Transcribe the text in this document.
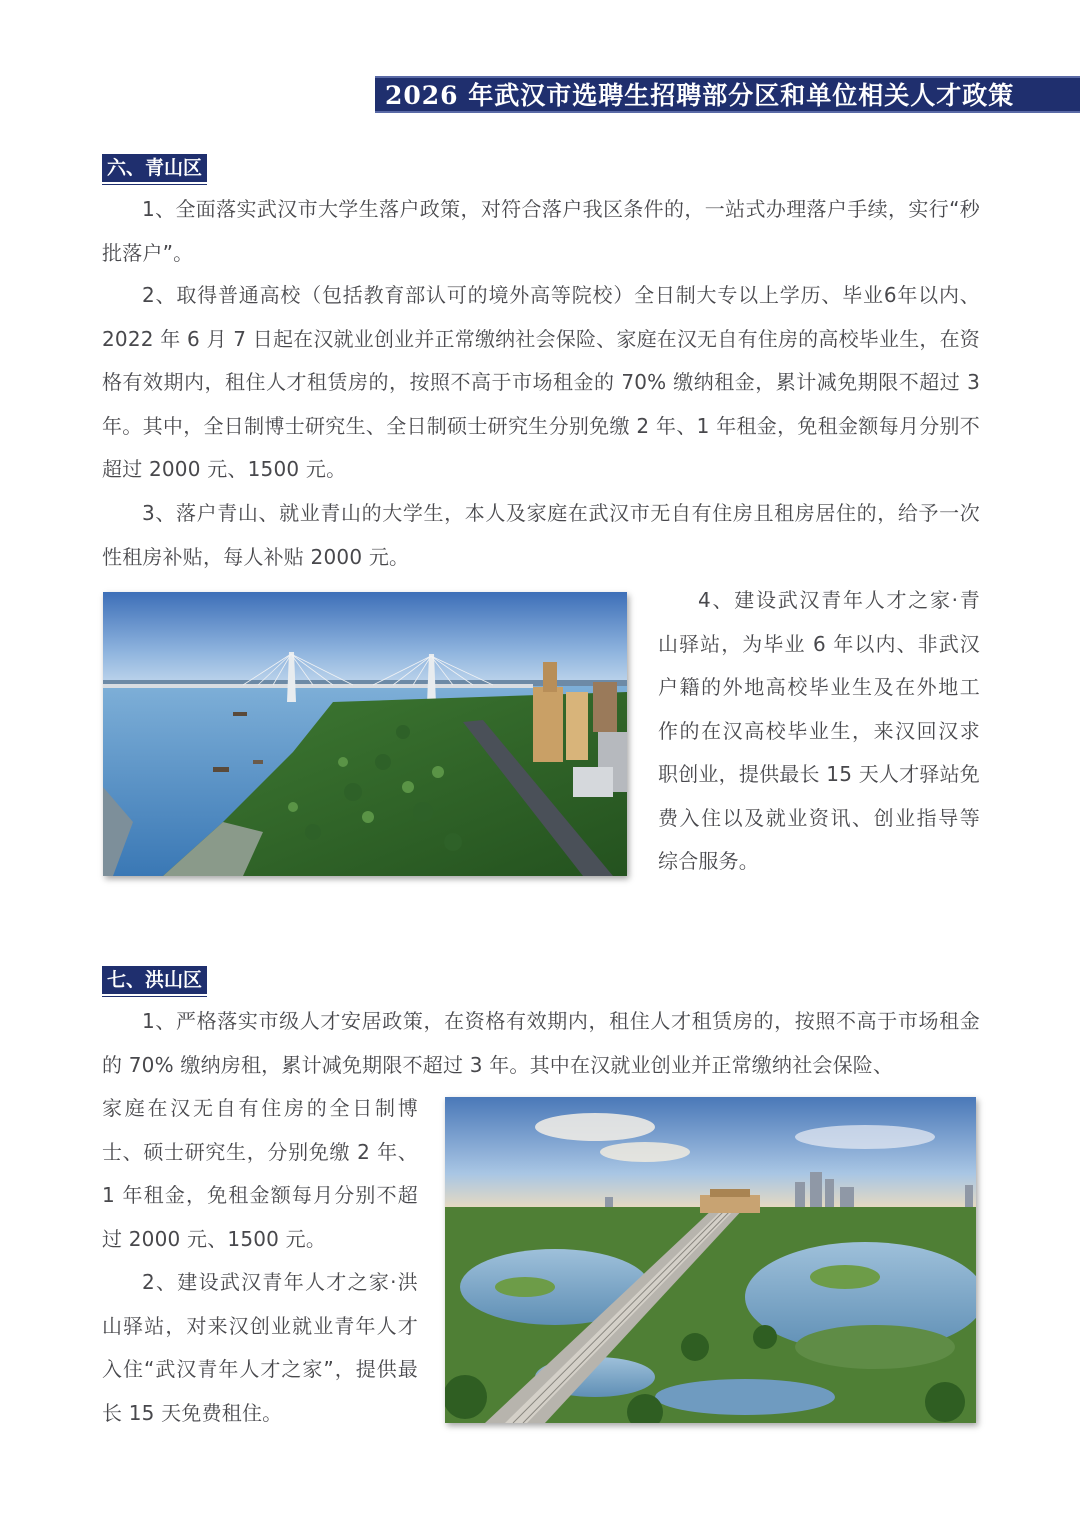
2026 年武汉市选聘生招聘部分区和单位相关人才政策
六、青山区

1、全面落实武汉市大学生落户政策，对符合落户我区条件的，一站式办理落户手续，实行“秒批落户”。

2、取得普通高校（包括教育部认可的境外高等院校）全日制大专以上学历、毕业6年以内、2022 年 6 月 7 日起在汉就业创业并正常缴纳社会保险、家庭在汉无自有住房的高校毕业生，在资格有效期内，租住人才租赁房的，按照不高于市场租金的 70% 缴纳租金，累计减免期限不超过 3 年。其中，全日制博士研究生、全日制硕士研究生分别免缴 2 年、1 年租金，免租金额每月分别不超过 2000 元、1500 元。

3、落户青山、就业青山的大学生，本人及家庭在武汉市无自有住房且租房居住的，给予一次性租房补贴，每人补贴 2000 元。

4、建设武汉青年人才之家·青山驿站，为毕业 6 年以内、非武汉户籍的外地高校毕业生及在外地工作的在汉高校毕业生，来汉回汉求职创业，提供最长 15 天人才驿站免费入住以及就业资讯、创业指导等综合服务。

七、洪山区

1、严格落实市级人才安居政策，在资格有效期内，租住人才租赁房的，按照不高于市场租金的 70% 缴纳房租，累计减免期限不超过 3 年。其中在汉就业创业并正常缴纳社会保险、

家庭在汉无自有住房的全日制博士、硕士研究生，分别免缴 2 年、1 年租金，免租金额每月分别不超过 2000 元、1500 元。

2、建设武汉青年人才之家·洪山驿站，对来汉创业就业青年人才入住“武汉青年人才之家”，提供最长 15 天免费租住。
